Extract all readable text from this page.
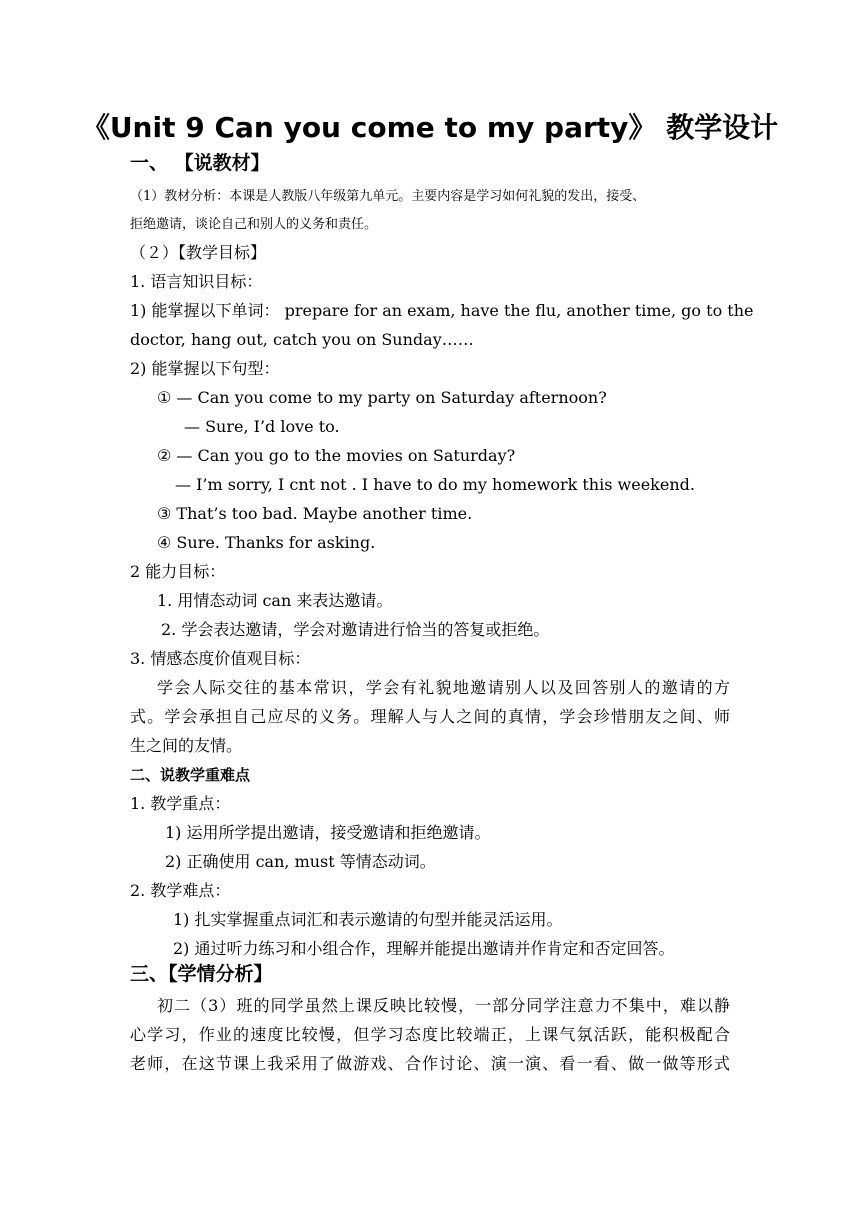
《Unit 9 Can you come to my party》 教学设计
一、 【说教材】
（1）教材分析：本课是人教版八年级第九单元。主要内容是学习如何礼貌的发出，接受、
拒绝邀请，谈论自己和别人的义务和责任。
（２）【教学目标】
1. 语言知识目标：
1) 能掌握以下单词： prepare for an exam, have the flu, another time, go to the
doctor, hang out, catch you on Sunday……
2) 能掌握以下句型：
① — Can you come to my party on Saturday afternoon?
— Sure, I’d love to.
② — Can you go to the movies on Saturday?
— I’m sorry, I cnt not . I have to do my homework this weekend.
③ That’s too bad. Maybe another time.
④ Sure. Thanks for asking.
2 能力目标：
1. 用情态动词 can 来表达邀请。
2. 学会表达邀请，学会对邀请进行恰当的答复或拒绝。
3. 情感态度价值观目标：
学会人际交往的基本常识，学会有礼貌地邀请别人以及回答别人的邀请的方
式。学会承担自己应尽的义务。理解人与人之间的真情，学会珍惜朋友之间、师
生之间的友情。
二、说教学重难点
1. 教学重点：
1) 运用所学提出邀请，接受邀请和拒绝邀请。
2) 正确使用 can, must 等情态动词。
2. 教学难点：
1) 扎实掌握重点词汇和表示邀请的句型并能灵活运用。
2) 通过听力练习和小组合作，理解并能提出邀请并作肯定和否定回答。
三、【学情分析】
初二（3）班的同学虽然上课反映比较慢，一部分同学注意力不集中，难以静
心学习，作业的速度比较慢，但学习态度比较端正，上课气氛活跃，能积极配合
老师，在这节课上我采用了做游戏、合作讨论、演一演、看一看、做一做等形式
